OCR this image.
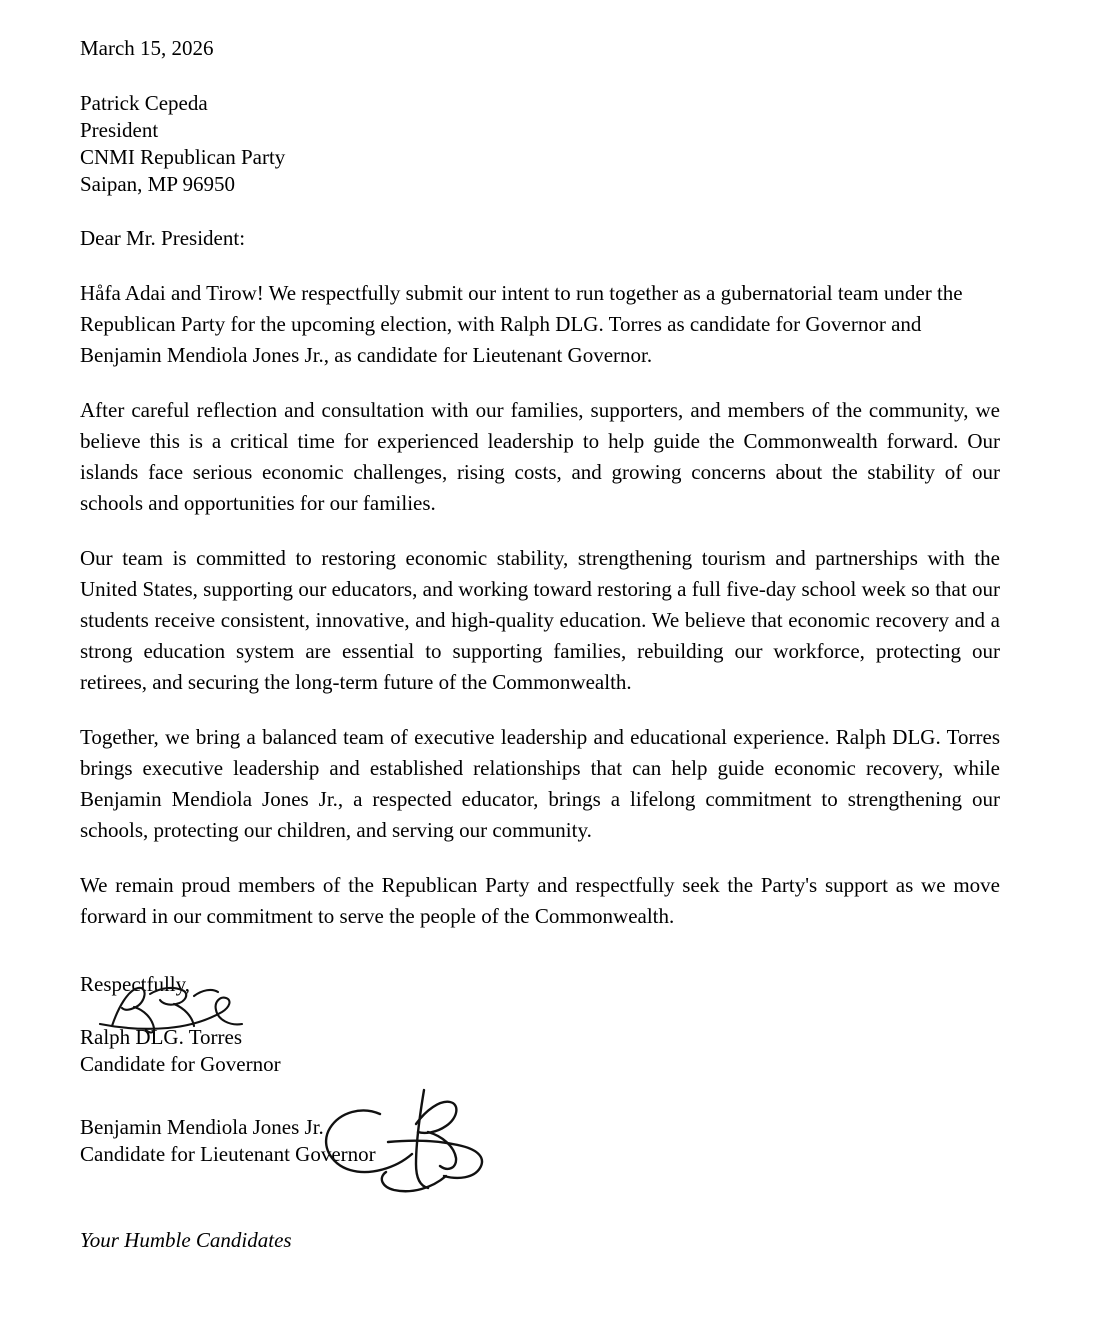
March 15, 2026
Patrick Cepeda
President
CNMI Republican Party
Saipan, MP 96950
Dear Mr. President:

Håfa Adai and Tirow! We respectfully submit our intent to run together as a gubernatorial team under the Republican Party for the upcoming election, with Ralph DLG. Torres as candidate for Governor and Benjamin Mendiola Jones Jr., as candidate for Lieutenant Governor.

After careful reflection and consultation with our families, supporters, and members of the community, we believe this is a critical time for experienced leadership to help guide the Commonwealth forward. Our islands face serious economic challenges, rising costs, and growing concerns about the stability of our schools and opportunities for our families.

Our team is committed to restoring economic stability, strengthening tourism and partnerships with the United States, supporting our educators, and working toward restoring a full five-day school week so that our students receive consistent, innovative, and high-quality education. We believe that economic recovery and a strong education system are essential to supporting families, rebuilding our workforce, protecting our retirees, and securing the long-term future of the Commonwealth.

Together, we bring a balanced team of executive leadership and educational experience. Ralph DLG. Torres brings executive leadership and established relationships that can help guide economic recovery, while Benjamin Mendiola Jones Jr., a respected educator, brings a lifelong commitment to strengthening our schools, protecting our children, and serving our community.

We remain proud members of the Republican Party and respectfully seek the Party's support as we move forward in our commitment to serve the people of the Commonwealth.

Respectfully,
Ralph DLG. Torres
Candidate for Governor
Benjamin Mendiola Jones Jr.
Candidate for Lieutenant Governor
Your Humble Candidates
